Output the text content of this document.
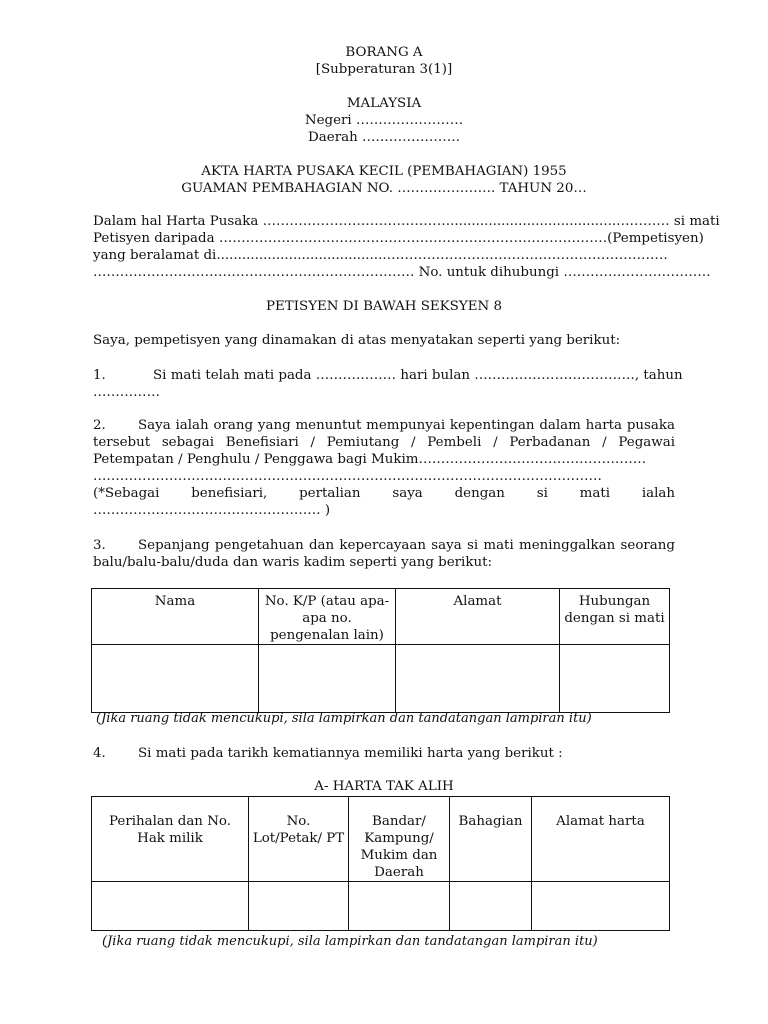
BORANG A
[Subperaturan 3(1)]
MALAYSIA
Negeri ……………………
Daerah ………………….
AKTA HARTA PUSAKA KECIL (PEMBAHAGIAN) 1955
GUAMAN PEMBAHAGIAN NO. …………………. TAHUN 20…
Dalam hal Harta Pusaka …………………………………….......................................………… si mati
Petisyen daripada ……………………………………………………………………………(Pempetisyen)
yang beralamat di........................................………………………………………………………
……………………………………………………………… No. untuk dihubungi ……………………………
PETISYEN DI BAWAH SEKSYEN 8
Saya, pempetisyen yang dinamakan di atas menyatakan seperti yang berikut:
1.	Si mati telah mati pada ……………… hari bulan ………………………………, tahun
……………
2. Saya ialah orang yang menuntut mempunyai kepentingan dalam harta pusaka
tersebut sebagai Benefisiari / Pemiutang / Pembeli / Perbadanan / Pegawai
Petempatan / Penghulu / Penggawa bagi Mukim……………………………………………
……………………………………………………………………………………………………
(*Sebagai benefisiari, pertalian saya dengan si mati ialah
…………………………………………… )
3. Sepanjang pengetahuan dan kepercayaan saya si mati meninggalkan seorang
balu/balu-balu/duda dan waris kadim seperti yang berikut:
Nama	No. K/P (atau apa-apa no. pengenalan lain)	Alamat	Hubungan dengan si mati

(Jika ruang tidak mencukupi, sila lampirkan dan tandatangan lampiran itu)
4. Si mati pada tarikh kematiannya memiliki harta yang berikut :
A- HARTA TAK ALIH
Perihalan dan No. Hak milik	No. Lot/Petak/ PT	Bandar/ Kampung/ Mukim dan Daerah	Bahagian	Alamat harta

(Jika ruang tidak mencukupi, sila lampirkan dan tandatangan lampiran itu)
